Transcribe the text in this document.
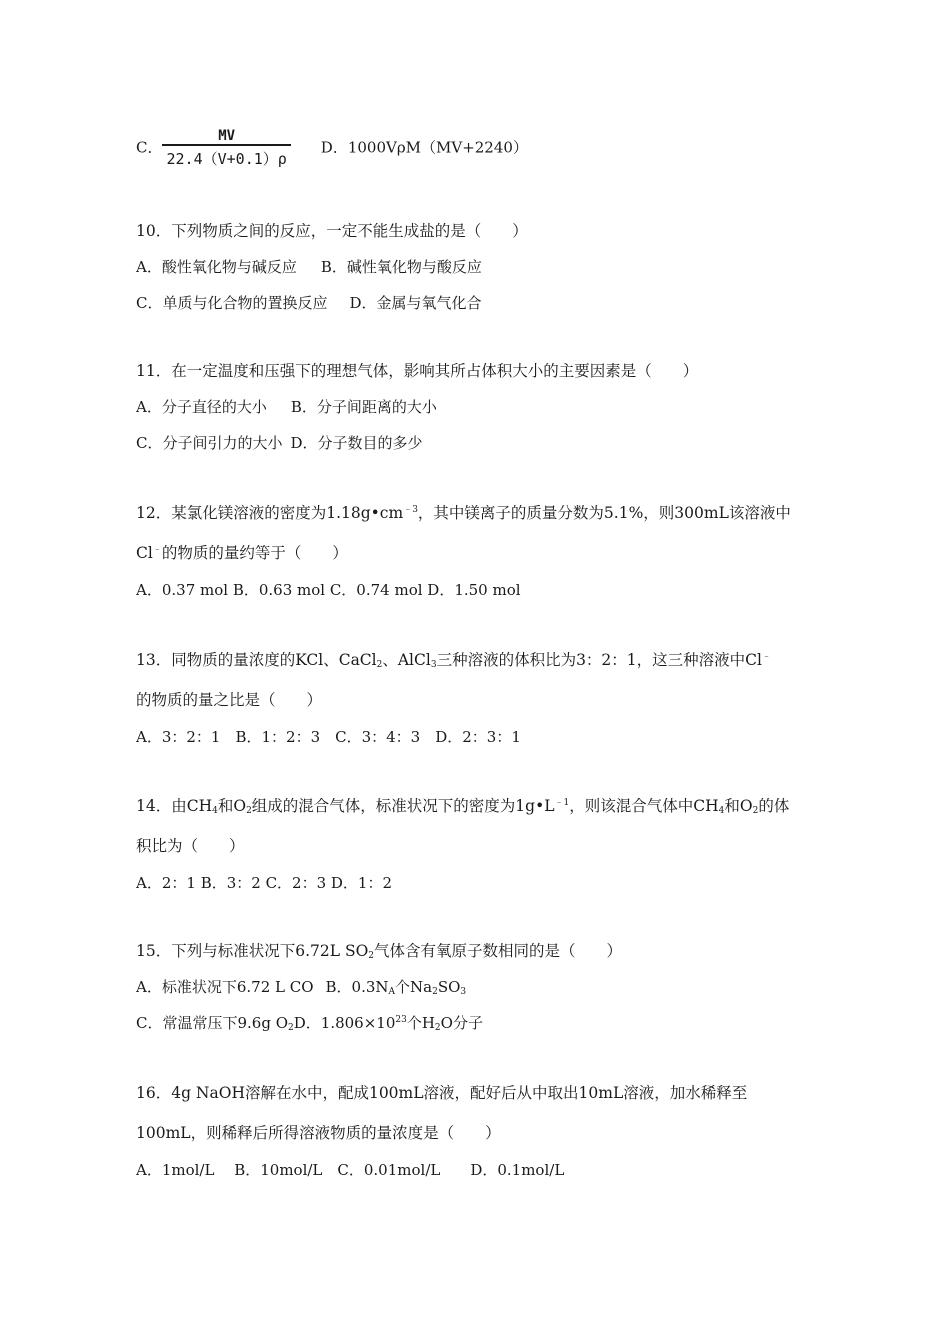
C． $\frac{MV}{22.4(V+0.1)\rho}$ D．1000VρM（MV+2240）
10．下列物质之间的反应，一定不能生成盐的是（　　）
A．酸性氧化物与碱反应 B．碱性氧化物与酸反应
C．单质与化合物的置换反应 D．金属与氧气化合
11．在一定温度和压强下的理想气体，影响其所占体积大小的主要因素是（　　）
A．分子直径的大小 B．分子间距离的大小
C．分子间引力的大小 D．分子数目的多少
12．某氯化镁溶液的密度为$1.18g•cm^{﹣3}$，其中镁离子的质量分数为5.1%，则300mL该溶液中
Cl﹣的物质的量约等于（　　）
A．0.37 mol B．0.63 mol C．0.74 mol D．1.50 mol
13．同物质的量浓度的KCl、CaCl$_2$、AlCl$_3$三种溶液的体积比为3：2：1，这三种溶液中Cl﹣
的物质的量之比是（　　）
A．3：2：1　B．1：2：3　C．3：4：3　D．2：3：1
14．由$CH_4$和$O_2$组成的混合气体，标准状况下的密度为$1g•L^{﹣1}$，则该混合气体中$CH_4$和$O_2$的体
积比为（　　）
A．2：1 B．3：2 C．2：3 D．1：2
15．下列与标准状况下6.72L $SO_2$气体含有氧原子数相同的是（　　）
A．标准状况下6.72 L CO B．$0.3N_A$个$Na_2SO_3$
C．常温常压下9.6g $O_2D$．$1.806\times 10^{23}$个$H_2O$分子
16．4g NaOH溶解在水中，配成100mL溶液，配好后从中取出10mL溶液，加水稀释至
100mL，则稀释后所得溶液物质的量浓度是（　　）
A．1mol/L　 B．10mol/L　C．0.01mol/L　　D．0.1mol/L
